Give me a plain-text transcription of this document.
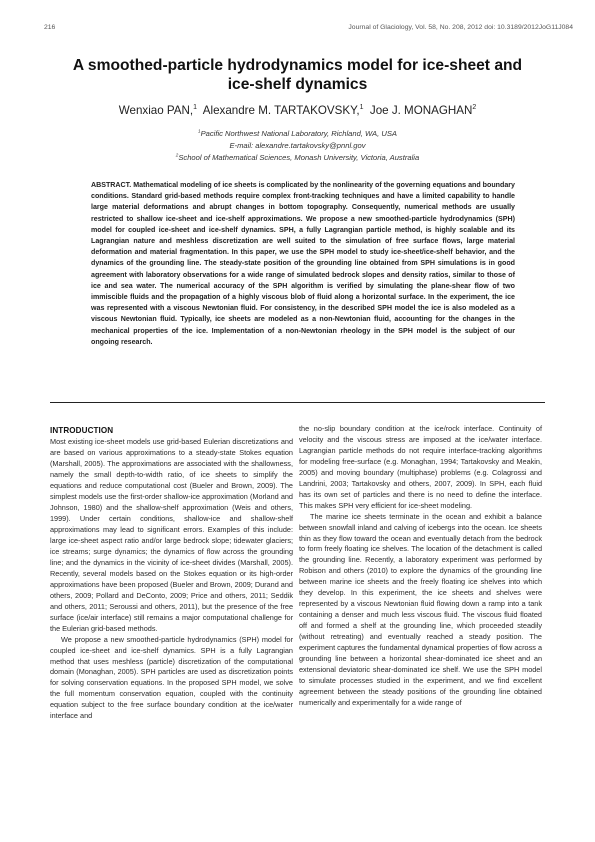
216	Journal of Glaciology, Vol. 58, No. 208, 2012 doi: 10.3189/2012JoG11J084
A smoothed-particle hydrodynamics model for ice-sheet and
ice-shelf dynamics
Wenxiao PAN,$^1$ Alexandre M. TARTAKOVSKY,$^1$ Joe J. MONAGHAN$^2$
$^1$Pacific Northwest National Laboratory, Richland, WA, USA
E-mail: alexandre.tartakovsky@pnnl.gov
$^2$School of Mathematical Sciences, Monash University, Victoria, Australia

ABSTRACT. Mathematical modeling of ice sheets is complicated by the nonlinearity of the governing equations and boundary conditions. Standard grid-based methods require complex front-tracking techniques and have a limited capability to handle large material deformations and abrupt changes in bottom topography. Consequently, numerical methods are usually restricted to shallow ice-sheet and ice-shelf approximations. We propose a new smoothed-particle hydrodynamics (SPH) model for coupled ice-sheet and ice-shelf dynamics. SPH, a fully Lagrangian particle method, is highly scalable and its Lagrangian nature and meshless discretization are well suited to the simulation of free surface flows, large material deformation and material fragmentation. In this paper, we use the SPH model to study ice-sheet/ice-shelf behavior, and the dynamics of the grounding line. The steady-state position of the grounding line obtained from SPH simulations is in good agreement with laboratory observations for a wide range of simulated bedrock slopes and density ratios, similar to those of ice and sea water. The numerical accuracy of the SPH algorithm is verified by simulating the plane-shear flow of two immiscible fluids and the propagation of a highly viscous blob of fluid along a horizontal surface. In the experiment, the ice was represented with a viscous Newtonian fluid. For consistency, in the described SPH model the ice is also modeled as a viscous Newtonian fluid. Typically, ice sheets are modeled as a non-Newtonian fluid, accounting for the changes in the mechanical properties of the ice. Implementation of a non-Newtonian rheology in the SPH model is the subject of our ongoing research.

INTRODUCTION

Most existing ice-sheet models use grid-based Eulerian discretizations and are based on various approximations to a steady-state Stokes equation (Marshall, 2005). The approximations are associated with the shallowness, namely the small depth-to-width ratio, of ice sheets to simplify the equations and reduce computational cost (Bueler and Brown, 2009). The simplest models use the first-order shallow-ice approximation (Morland and Johnson, 1980) and the shallow-shelf approximation (Weis and others, 1999). Under certain conditions, shallow-ice and shallow-shelf approximations may lead to significant errors. Examples of this include: large ice-sheet aspect ratio and/or large bedrock slope; tidewater glaciers; ice streams; surge dynamics; the dynamics of flow across the grounding line; and the dynamics in the vicinity of ice-sheet divides (Marshall, 2005). Recently, several models based on the Stokes equation or its high-order approximations have been proposed (Bueler and Brown, 2009; Durand and others, 2009; Pollard and DeConto, 2009; Price and others, 2011; Seddik and others, 2011; Seroussi and others, 2011), but the presence of the free surface (ice/air interface) still remains a major computational challenge for the Eulerian grid-based methods.

We propose a new smoothed-particle hydrodynamics (SPH) model for coupled ice-sheet and ice-shelf dynamics. SPH is a fully Lagrangian method that uses meshless (particle) discretization of the computational domain (Monaghan, 2005). SPH particles are used as discretization points for solving conservation equations. In the proposed SPH model, we solve the full momentum conservation equation, coupled with the continuity equation subject to the free surface boundary condition at the ice/water interface and

the no-slip boundary condition at the ice/rock interface. Continuity of velocity and the viscous stress are imposed at the ice/water interface. Lagrangian particle methods do not require interface-tracking algorithms for modeling free-surface (e.g. Monaghan, 1994; Tartakovsky and Meakin, 2005) and moving boundary (multiphase) problems (e.g. Colagrossi and Landrini, 2003; Tartakovsky and others, 2007, 2009). In SPH, each fluid has its own set of particles and there is no need to define the interface. This makes SPH very efficient for ice-sheet modeling.

The marine ice sheets terminate in the ocean and exhibit a balance between snowfall inland and calving of icebergs into the ocean. Ice sheets thin as they flow toward the ocean and eventually detach from the bedrock to form freely floating ice shelves. The location of the detachment is called the grounding line. Recently, a laboratory experiment was performed by Robison and others (2010) to explore the dynamics of the grounding line between marine ice sheets and the freely floating ice shelves into which they develop. In this experiment, the ice sheets and shelves were represented by a viscous Newtonian fluid flowing down a ramp into a tank containing a denser and much less viscous fluid. The viscous fluid floated off and formed a shelf at the grounding line, which proceeded steadily (without retreating) and eventually reached a steady position. The experiment captures the fundamental dynamical properties of flow across a grounding line between a horizontal shear-dominated ice sheet and an extensional deviatoric shear-dominated ice shelf. We use the SPH model to simulate processes studied in the experiment, and we find excellent agreement between the steady positions of the grounding line obtained numerically and experimentally for a wide range of
